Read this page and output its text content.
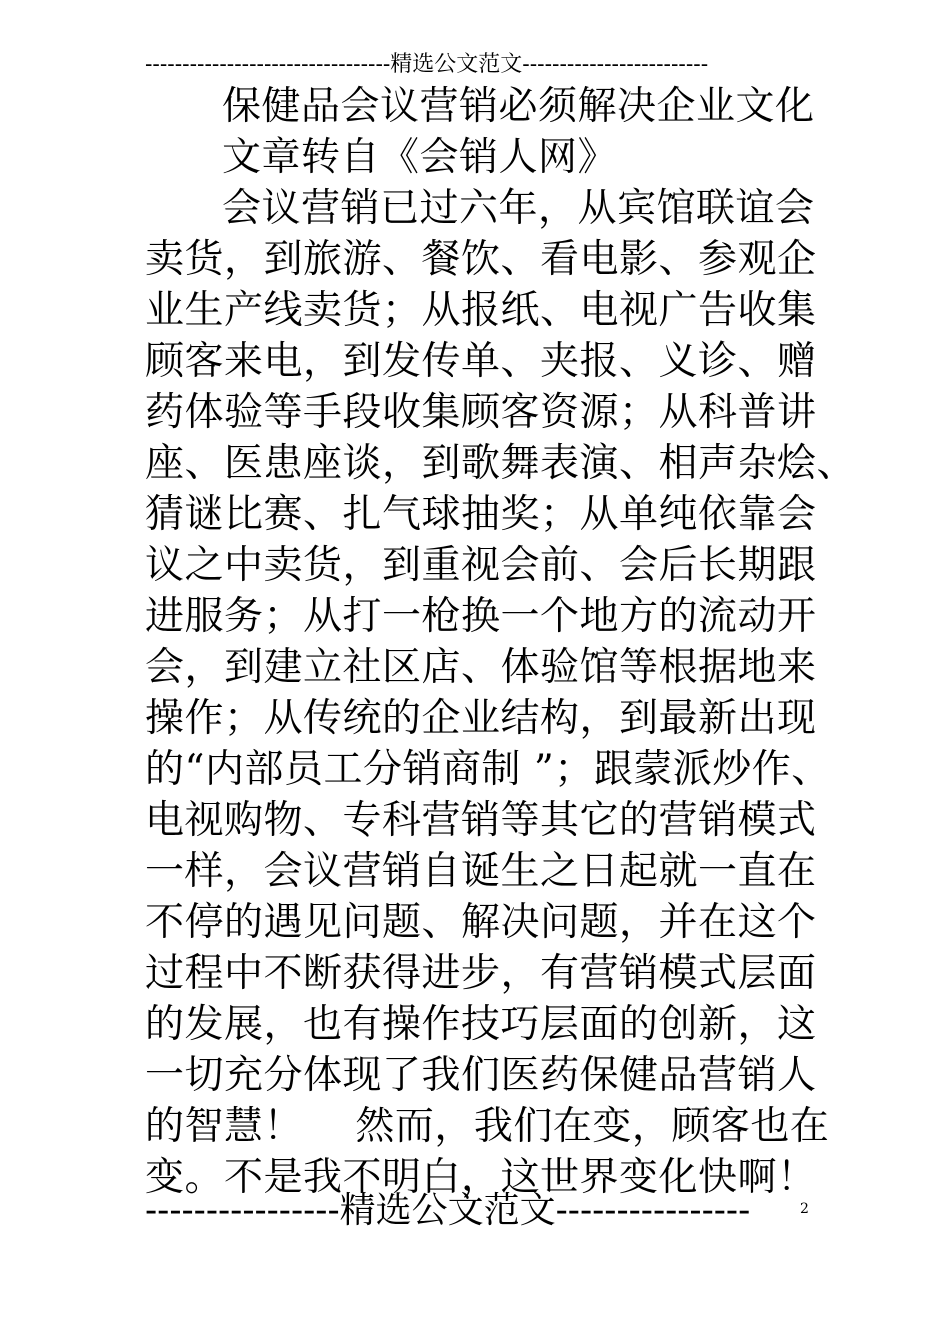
---------------------------------精选公文范文-------------------------
保健品会议营销必须解决企业文化
文章转自《会销人网》
会议营销已过六年，从宾馆联谊会
卖货，到旅游、餐饮、看电影、参观企
业生产线卖货；从报纸、电视广告收集
顾客来电，到发传单、夹报、义诊、赠
药体验等手段收集顾客资源；从科普讲
座、医患座谈，到歌舞表演、相声杂烩、
猜谜比赛、扎气球抽奖；从单纯依靠会
议之中卖货，到重视会前、会后长期跟
进服务；从打一枪换一个地方的流动开
会，到建立社区店、体验馆等根据地来
操作；从传统的企业结构，到最新出现
的“内部员工分销商制 ”；跟蒙派炒作、
电视购物、专科营销等其它的营销模式
一样，会议营销自诞生之日起就一直在
不停的遇见问题、解决问题，并在这个
过程中不断获得进步，有营销模式层面
的发展，也有操作技巧层面的创新，这
一切充分体现了我们医药保健品营销人
的智慧！　 然而，我们在变，顾客也在
变。不是我不明白，这世界变化快啊！
----------------精选公文范文----------------	2
